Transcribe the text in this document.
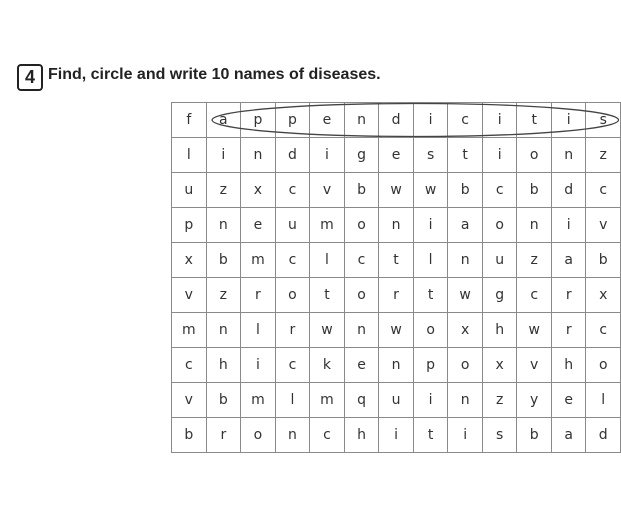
4 Find, circle and write 10 names of diseases.
f	a	p	p	e	n	d	i	c	i	t	i	s
l	i	n	d	i	g	e	s	t	i	o	n	z
u	z	x	c	v	b	w	w	b	c	b	d	c
p	n	e	u	m	o	n	i	a	o	n	i	v
x	b	m	c	l	c	t	l	n	u	z	a	b
v	z	r	o	t	o	r	t	w	g	c	r	x
m	n	l	r	w	n	w	o	x	h	w	r	c
c	h	i	c	k	e	n	p	o	x	v	h	o
v	b	m	l	m	q	u	i	n	z	y	e	l
b	r	o	n	c	h	i	t	i	s	b	a	d
